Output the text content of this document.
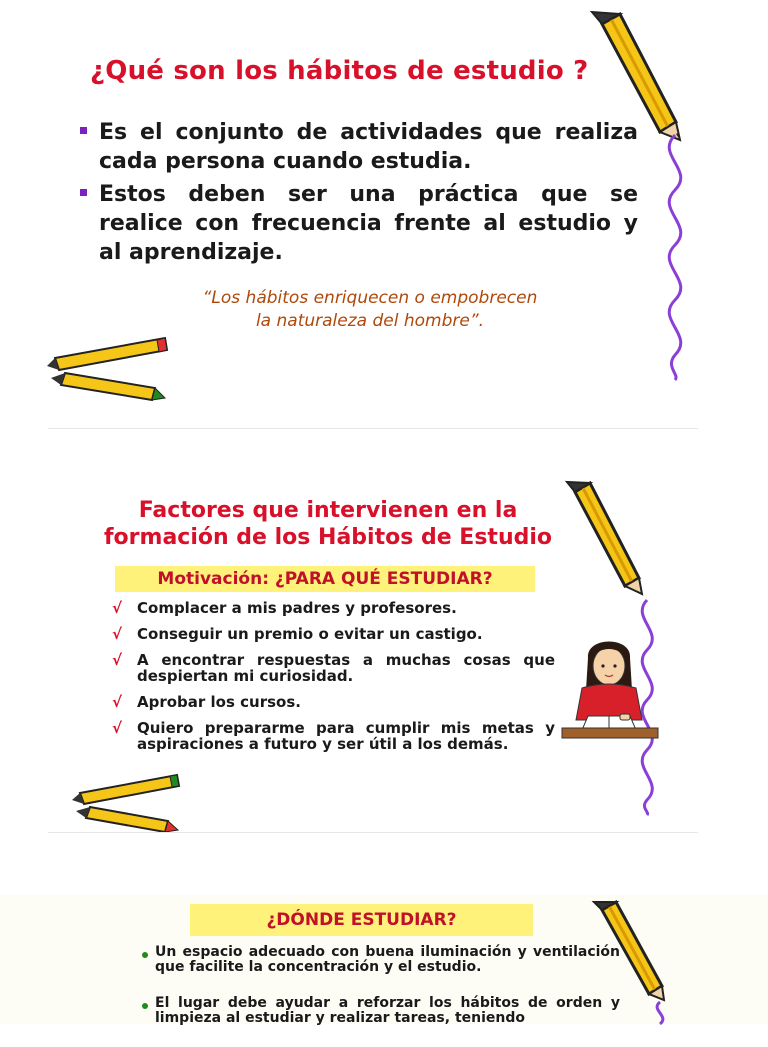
¿Qué son los hábitos de estudio ?
Es el conjunto de actividades que realiza cada persona cuando estudia.
Estos deben ser una práctica que se realice con frecuencia frente al estudio y al aprendizaje.
“Los hábitos enriquecen o empobrecen
la naturaleza del hombre”.
Factores que intervienen en la
formación de los Hábitos de Estudio
Motivación: ¿PARA QUÉ ESTUDIAR?
√ Complacer a mis padres y profesores.
√ Conseguir un premio o evitar un castigo.
√ A encontrar respuestas a muchas cosas que despiertan mi curiosidad.
√ Aprobar los cursos.
√ Quiero prepararme para cumplir mis metas y aspiraciones a futuro y ser útil a los demás.
¿DÓNDE ESTUDIAR?
Un espacio adecuado con buena iluminación y ventilación que facilite la concentración y el estudio.
El lugar debe ayudar a reforzar los hábitos de orden y limpieza al estudiar y realizar tareas, teniendo
